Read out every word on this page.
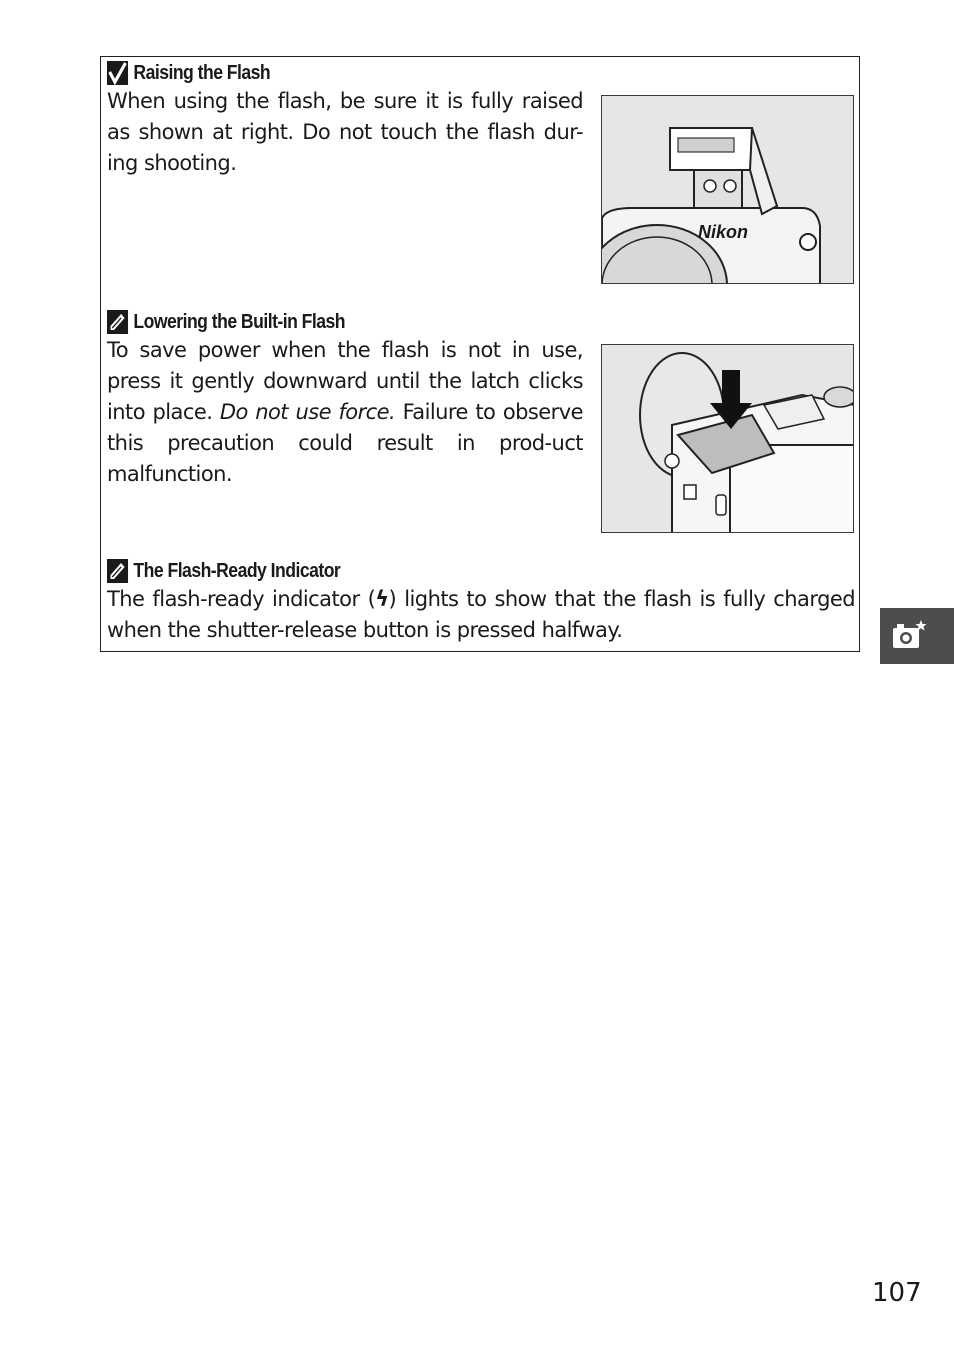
Raising the Flash
When using the flash, be sure it is fully raised as shown at right. Do not touch the flash dur-ing shooting.
Nikon
Lowering the Built-in Flash
To save power when the flash is not in use, press it gently downward until the latch clicks into place. Do not use force. Failure to observe this precaution could result in prod-uct malfunction.
The Flash-Ready Indicator
The flash-ready indicator (ϟ) lights to show that the flash is fully charged when the shutter-release button is pressed halfway.
107
